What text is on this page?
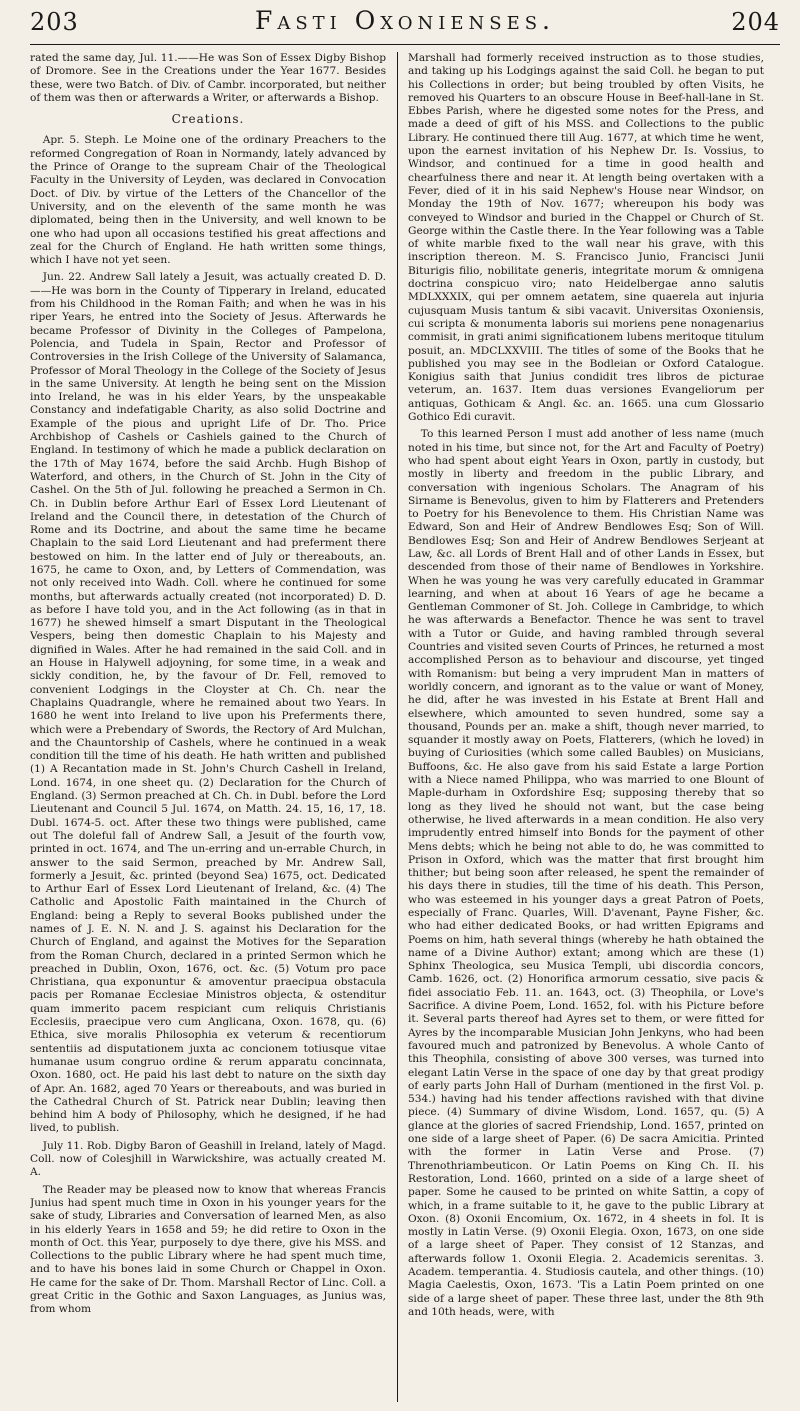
203	Fasti Oxonienses.	204

rated the same day, Jul. 11.——He was Son of Essex Digby Bishop of Dromore. See in the Creations under the Year 1677. Besides these, were two Batch. of Div. of Cambr. incorporated, but neither of them was then or afterwards a Writer, or afterwards a Bishop.

Creations.

Apr. 5. Steph. Le Moine one of the ordinary Preachers to the reformed Congregation of Roan in Normandy, lately advanced by the Prince of Orange to the supream Chair of the Theological Faculty in the University of Leyden, was declared in Convocation Doct. of Div. by virtue of the Letters of the Chancellor of the University, and on the eleventh of the same month he was diplomated, being then in the University, and well known to be one who had upon all occasions testified his great affections and zeal for the Church of England. He hath written some things, which I have not yet seen.

Jun. 22. Andrew Sall lately a Jesuit, was actually created D. D.——He was born in the County of Tipperary in Ireland, educated from his Childhood in the Roman Faith; and when he was in his riper Years, he entred into the Society of Jesus. Afterwards he became Professor of Divinity in the Colleges of Pampelona, Polencia, and Tudela in Spain, Rector and Professor of Controversies in the Irish College of the University of Salamanca, Professor of Moral Theology in the College of the Society of Jesus in the same University. At length he being sent on the Mission into Ireland, he was in his elder Years, by the unspeakable Constancy and indefatigable Charity, as also solid Doctrine and Example of the pious and upright Life of Dr. Tho. Price Archbishop of Cashels or Cashiels gained to the Church of England. In testimony of which he made a publick declaration on the 17th of May 1674, before the said Archb. Hugh Bishop of Waterford, and others, in the Church of St. John in the City of Cashel. On the 5th of Jul. following he preached a Sermon in Ch. Ch. in Dublin before Arthur Earl of Essex Lord Lieutenant of Ireland and the Council there, in detestation of the Church of Rome and its Doctrine, and about the same time he became Chaplain to the said Lord Lieutenant and had preferment there bestowed on him. In the latter end of July or thereabouts, an. 1675, he came to Oxon, and, by Letters of Commendation, was not only received into Wadh. Coll. where he continued for some months, but afterwards actually created (not incorporated) D. D. as before I have told you, and in the Act following (as in that in 1677) he shewed himself a smart Disputant in the Theological Vespers, being then domestic Chaplain to his Majesty and dignified in Wales. After he had remained in the said Coll. and in an House in Halywell adjoyning, for some time, in a weak and sickly condition, he, by the favour of Dr. Fell, removed to convenient Lodgings in the Cloyster at Ch. Ch. near the Chaplains Quadrangle, where he remained about two Years. In 1680 he went into Ireland to live upon his Preferments there, which were a Prebendary of Swords, the Rectory of Ard Mulchan, and the Chauntorship of Cashels, where he continued in a weak condition till the time of his death. He hath written and published (1) A Recantation made in St. John's Church Cashell in Ireland, Lond. 1674, in one sheet qu. (2) Declaration for the Church of England. (3) Sermon preached at Ch. Ch. in Dubl. before the Lord Lieutenant and Council 5 Jul. 1674, on Matth. 24. 15, 16, 17, 18. Dubl. 1674-5. oct. After these two things were published, came out The doleful fall of Andrew Sall, a Jesuit of the fourth vow, printed in oct. 1674, and The un-erring and un-errable Church, in answer to the said Sermon, preached by Mr. Andrew Sall, formerly a Jesuit, &c. printed (beyond Sea) 1675, oct. Dedicated to Arthur Earl of Essex Lord Lieutenant of Ireland, &c. (4) The Catholic and Apostolic Faith maintained in the Church of England: being a Reply to several Books published under the names of J. E. N. N. and J. S. against his Declaration for the Church of England, and against the Motives for the Separation from the Roman Church, declared in a printed Sermon which he preached in Dublin, Oxon, 1676, oct. &c. (5) Votum pro pace Christiana, qua exponuntur & amoventur praecipua obstacula pacis per Romanae Ecclesiae Ministros objecta, & ostenditur quam immerito pacem respiciant cum reliquis Christianis Ecclesiis, praecipue vero cum Anglicana, Oxon. 1678, qu. (6) Ethica, sive moralis Philosophia ex veterum & recentiorum sententiis ad disputationem juxta ac concionem totiusque vitae humanae usum congruo ordine & rerum apparatu concinnata, Oxon. 1680, oct. He paid his last debt to nature on the sixth day of Apr. An. 1682, aged 70 Years or thereabouts, and was buried in the Cathedral Church of St. Patrick near Dublin; leaving then behind him A body of Philosophy, which he designed, if he had lived, to publish.

July 11. Rob. Digby Baron of Geashill in Ireland, lately of Magd. Coll. now of Colesjhill in Warwickshire, was actually created M. A.

The Reader may be pleased now to know that whereas Francis Junius had spent much time in Oxon in his younger years for the sake of study, Libraries and Conversation of learned Men, as also in his elderly Years in 1658 and 59; he did retire to Oxon in the month of Oct. this Year, purposely to dye there, give his MSS. and Collections to the public Library where he had spent much time, and to have his bones laid in some Church or Chappel in Oxon. He came for the sake of Dr. Thom. Marshall Rector of Linc. Coll. a great Critic in the Gothic and Saxon Languages, as Junius was, from whom

Marshall had formerly received instruction as to those studies, and taking up his Lodgings against the said Coll. he began to put his Collections in order; but being troubled by often Visits, he removed his Quarters to an obscure House in Beef-hall-lane in St. Ebbes Parish, where he digested some notes for the Press, and made a deed of gift of his MSS. and Collections to the public Library. He continued there till Aug. 1677, at which time he went, upon the earnest invitation of his Nephew Dr. Is. Vossius, to Windsor, and continued for a time in good health and chearfulness there and near it. At length being overtaken with a Fever, died of it in his said Nephew's House near Windsor, on Monday the 19th of Nov. 1677; whereupon his body was conveyed to Windsor and buried in the Chappel or Church of St. George within the Castle there. In the Year following was a Table of white marble fixed to the wall near his grave, with this inscription thereon. M. S. Francisco Junio, Francisci Junii Biturigis filio, nobilitate generis, integritate morum & omnigena doctrina conspicuo viro; nato Heidelbergae anno salutis MDLXXXIX, qui per omnem aetatem, sine quaerela aut injuria cujusquam Musis tantum & sibi vacavit. Universitas Oxoniensis, cui scripta & monumenta laboris sui moriens pene nonagenarius commisit, in grati animi significationem lubens meritoque titulum posuit, an. MDCLXXVIII. The titles of some of the Books that he published you may see in the Bodleian or Oxford Catalogue. Konigius saith that Junius condidit tres libros de picturae veterum, an. 1637. Item duas versiones Evangeliorum per antiquas, Gothicam & Angl. &c. an. 1665. una cum Glossario Gothico Edi curavit.

To this learned Person I must add another of less name (much noted in his time, but since not, for the Art and Faculty of Poetry) who had spent about eight Years in Oxon, partly in custody, but mostly in liberty and freedom in the public Library, and conversation with ingenious Scholars. The Anagram of his Sirname is Benevolus, given to him by Flatterers and Pretenders to Poetry for his Benevolence to them. His Christian Name was Edward, Son and Heir of Andrew Bendlowes Esq; Son of Will. Bendlowes Esq; Son and Heir of Andrew Bendlowes Serjeant at Law, &c. all Lords of Brent Hall and of other Lands in Essex, but descended from those of their name of Bendlowes in Yorkshire. When he was young he was very carefully educated in Grammar learning, and when at about 16 Years of age he became a Gentleman Commoner of St. Joh. College in Cambridge, to which he was afterwards a Benefactor. Thence he was sent to travel with a Tutor or Guide, and having rambled through several Countries and visited seven Courts of Princes, he returned a most accomplished Person as to behaviour and discourse, yet tinged with Romanism: but being a very imprudent Man in matters of worldly concern, and ignorant as to the value or want of Money, he did, after he was invested in his Estate at Brent Hall and elsewhere, which amounted to seven hundred, some say a thousand, Pounds per an. make a shift, though never married, to squander it mostly away on Poets, Flatterers, (which he loved) in buying of Curiosities (which some called Baubles) on Musicians, Buffoons, &c. He also gave from his said Estate a large Portion with a Niece named Philippa, who was married to one Blount of Maple-durham in Oxfordshire Esq; supposing thereby that so long as they lived he should not want, but the case being otherwise, he lived afterwards in a mean condition. He also very imprudently entred himself into Bonds for the payment of other Mens debts; which he being not able to do, he was committed to Prison in Oxford, which was the matter that first brought him thither; but being soon after released, he spent the remainder of his days there in studies, till the time of his death. This Person, who was esteemed in his younger days a great Patron of Poets, especially of Franc. Quarles, Will. D'avenant, Payne Fisher, &c. who had either dedicated Books, or had written Epigrams and Poems on him, hath several things (whereby he hath obtained the name of a Divine Author) extant; among which are these (1) Sphinx Theologica, seu Musica Templi, ubi discordia concors, Camb. 1626, oct. (2) Honorifica armorum cessatio, sive pacis & fidei associatio Feb. 11. an. 1643, oct. (3) Theophila, or Love's Sacrifice. A divine Poem, Lond. 1652, fol. with his Picture before it. Several parts thereof had Ayres set to them, or were fitted for Ayres by the incomparable Musician John Jenkyns, who had been favoured much and patronized by Benevolus. A whole Canto of this Theophila, consisting of above 300 verses, was turned into elegant Latin Verse in the space of one day by that great prodigy of early parts John Hall of Durham (mentioned in the first Vol. p. 534.) having had his tender affections ravished with that divine piece. (4) Summary of divine Wisdom, Lond. 1657, qu. (5) A glance at the glories of sacred Friendship, Lond. 1657, printed on one side of a large sheet of Paper. (6) De sacra Amicitia. Printed with the former in Latin Verse and Prose. (7) Threnothriambeuticon. Or Latin Poems on King Ch. II. his Restoration, Lond. 1660, printed on a side of a large sheet of paper. Some he caused to be printed on white Sattin, a copy of which, in a frame suitable to it, he gave to the public Library at Oxon. (8) Oxonii Encomium, Ox. 1672, in 4 sheets in fol. It is mostly in Latin Verse. (9) Oxonii Elegia. Oxon, 1673, on one side of a large sheet of Paper. They consist of 12 Stanzas, and afterwards follow 1. Oxonii Elegia. 2. Academicis serenitas. 3. Academ. temperantia. 4. Studiosis cautela, and other things. (10) Magia Caelestis, Oxon, 1673. 'Tis a Latin Poem printed on one side of a large sheet of paper. These three last, under the 8th 9th and 10th heads, were, with
